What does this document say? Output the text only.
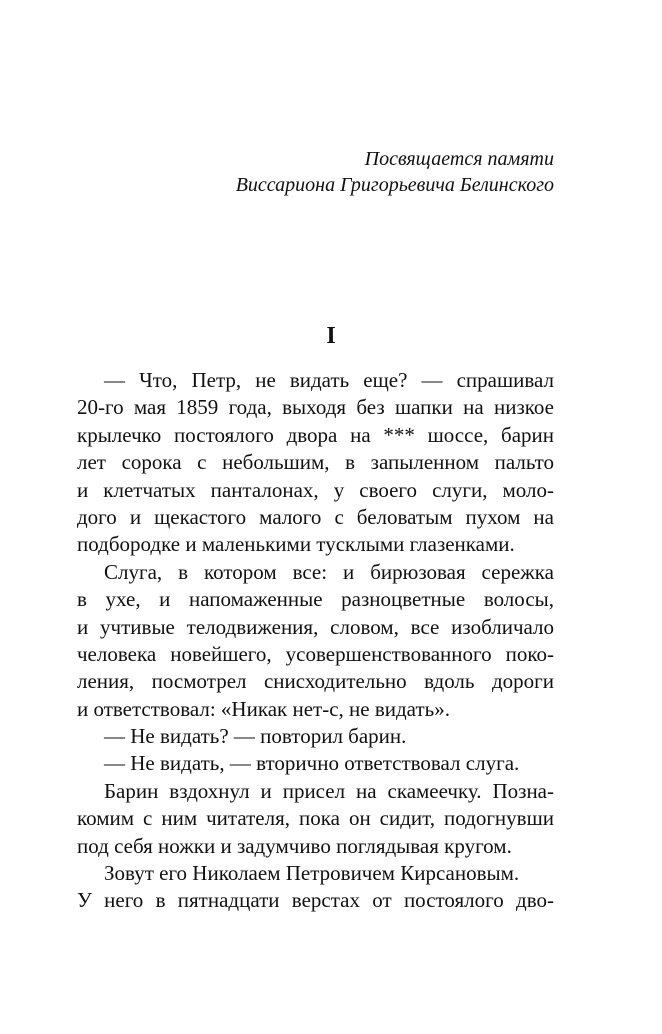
Посвящается памяти
Виссариона Григорьевича Белинского
I
— Что, Петр, не видать еще? — спрашивал
20-го мая 1859 года, выходя без шапки на низкое
крылечко постоялого двора на *** шоссе, барин
лет сорока с небольшим, в запыленном пальто
и клетчатых панталонах, у своего слуги, моло-
дого и щекастого малого с беловатым пухом на
подбородке и маленькими тусклыми глазенками.
Слуга, в котором все: и бирюзовая сережка
в ухе, и напомаженные разноцветные волосы,
и учтивые телодвижения, словом, все изобличало
человека новейшего, усовершенствованного поко-
ления, посмотрел снисходительно вдоль дороги
и ответствовал: «Никак нет-с, не видать».
— Не видать? — повторил барин.
— Не видать, — вторично ответствовал слуга.
Барин вздохнул и присел на скамеечку. Позна-
комим с ним читателя, пока он сидит, подогнувши
под себя ножки и задумчиво поглядывая кругом.
Зовут его Николаем Петровичем Кирсановым.
У него в пятнадцати верстах от постоялого дво-
